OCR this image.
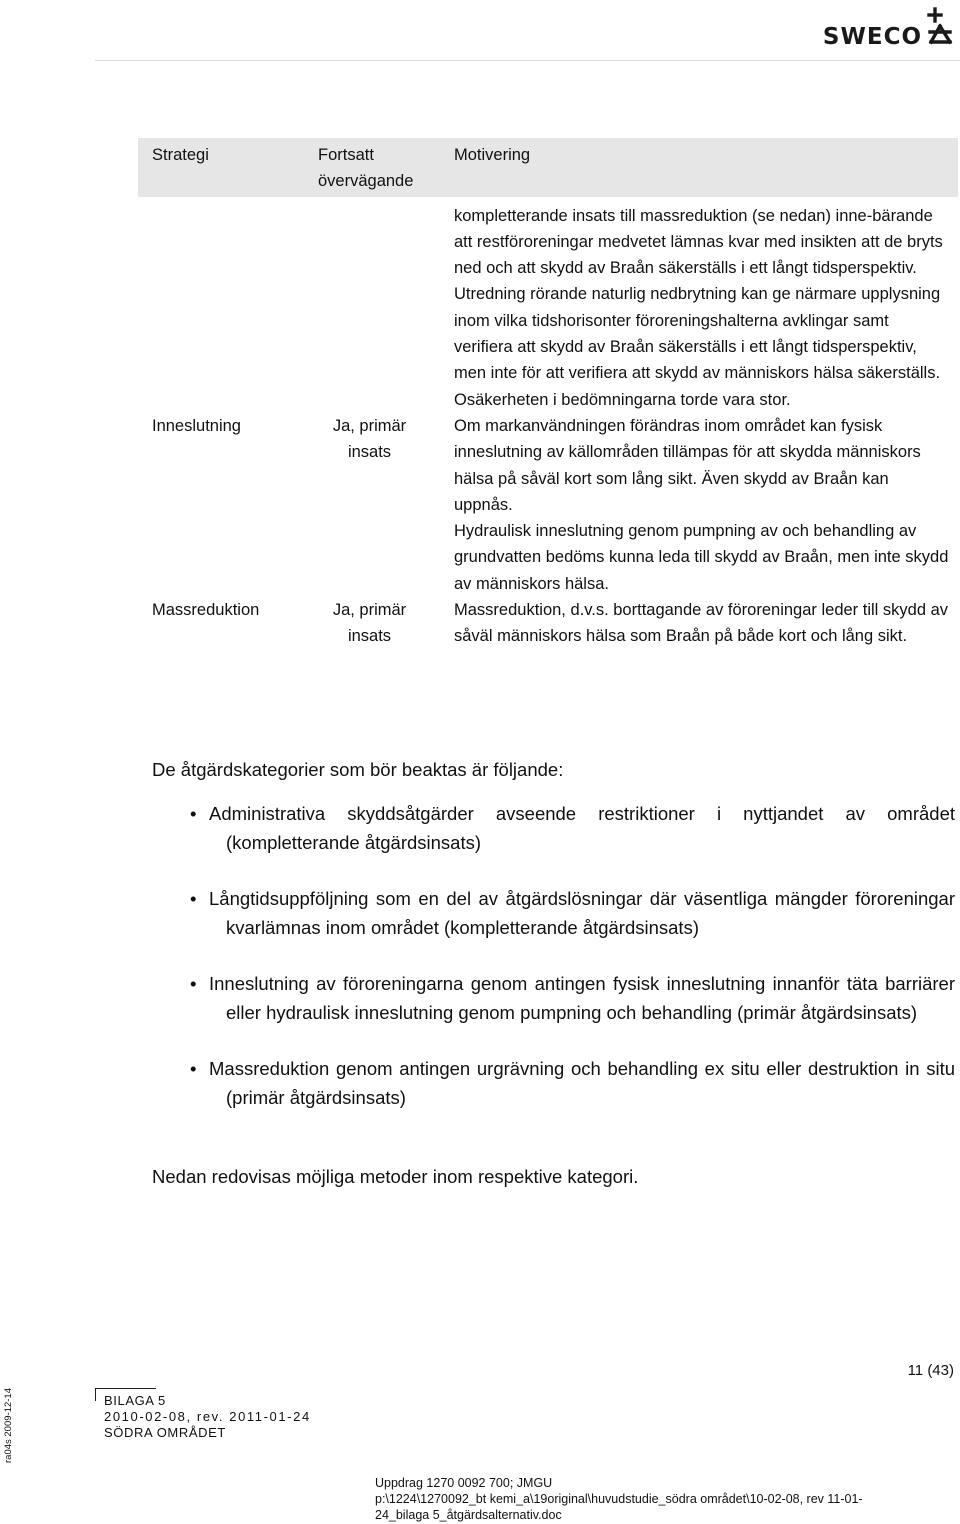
SWECO
Strategi	Fortsatt övervägande	Motivering

		kompletterande insats till massreduktion (se nedan) inne-bärande att restföroreningar medvetet lämnas kvar med insikten att de bryts ned och att skydd av Braån säkerställs i ett långt tidsperspektiv.

Utredning rörande naturlig nedbrytning kan ge närmare upplysning inom vilka tidshorisonter föroreningshalterna avklingar samt verifiera att skydd av Braån säkerställs i ett långt tidsperspektiv, men inte för att verifiera att skydd av människors hälsa säkerställs. Osäkerheten i bedömningarna torde vara stor.

Inneslutning	Ja, primär insats	Om markanvändningen förändras inom området kan fysisk inneslutning av källområden tillämpas för att skydda människors hälsa på såväl kort som lång sikt. Även skydd av Braån kan uppnås.

Hydraulisk inneslutning genom pumpning av och behandling av grundvatten bedöms kunna leda till skydd av Braån, men inte skydd av människors hälsa.

Massreduktion	Ja, primär insats	Massreduktion, d.v.s. borttagande av föroreningar leder till skydd av såväl människors hälsa som Braån på både kort och lång sikt.

De åtgärdskategorier som bör beaktas är följande:

• Administrativa skyddsåtgärder avseende restriktioner i nyttjandet av området (kompletterande åtgärdsinsats)
• Långtidsuppföljning som en del av åtgärdslösningar där väsentliga mängder föroreningar kvarlämnas inom området (kompletterande åtgärdsinsats)
• Inneslutning av föroreningarna genom antingen fysisk inneslutning innanför täta barriärer eller hydraulisk inneslutning genom pumpning och behandling (primär åtgärdsinsats)
• Massreduktion genom antingen urgrävning och behandling ex situ eller destruktion in situ (primär åtgärdsinsats)

Nedan redovisas möjliga metoder inom respektive kategori.

11 (43)
ra04s 2009-12-14	BILAGA 5
2010-02-08, rev. 2011-01-24
SÖDRA OMRÅDET
Uppdrag 1270 0092 700; JMGU
p:\1224\1270092_bt kemi_a\19original\huvudstudie_södra området\10-02-08, rev 11-01-
24_bilaga 5_åtgärdsalternativ.doc
